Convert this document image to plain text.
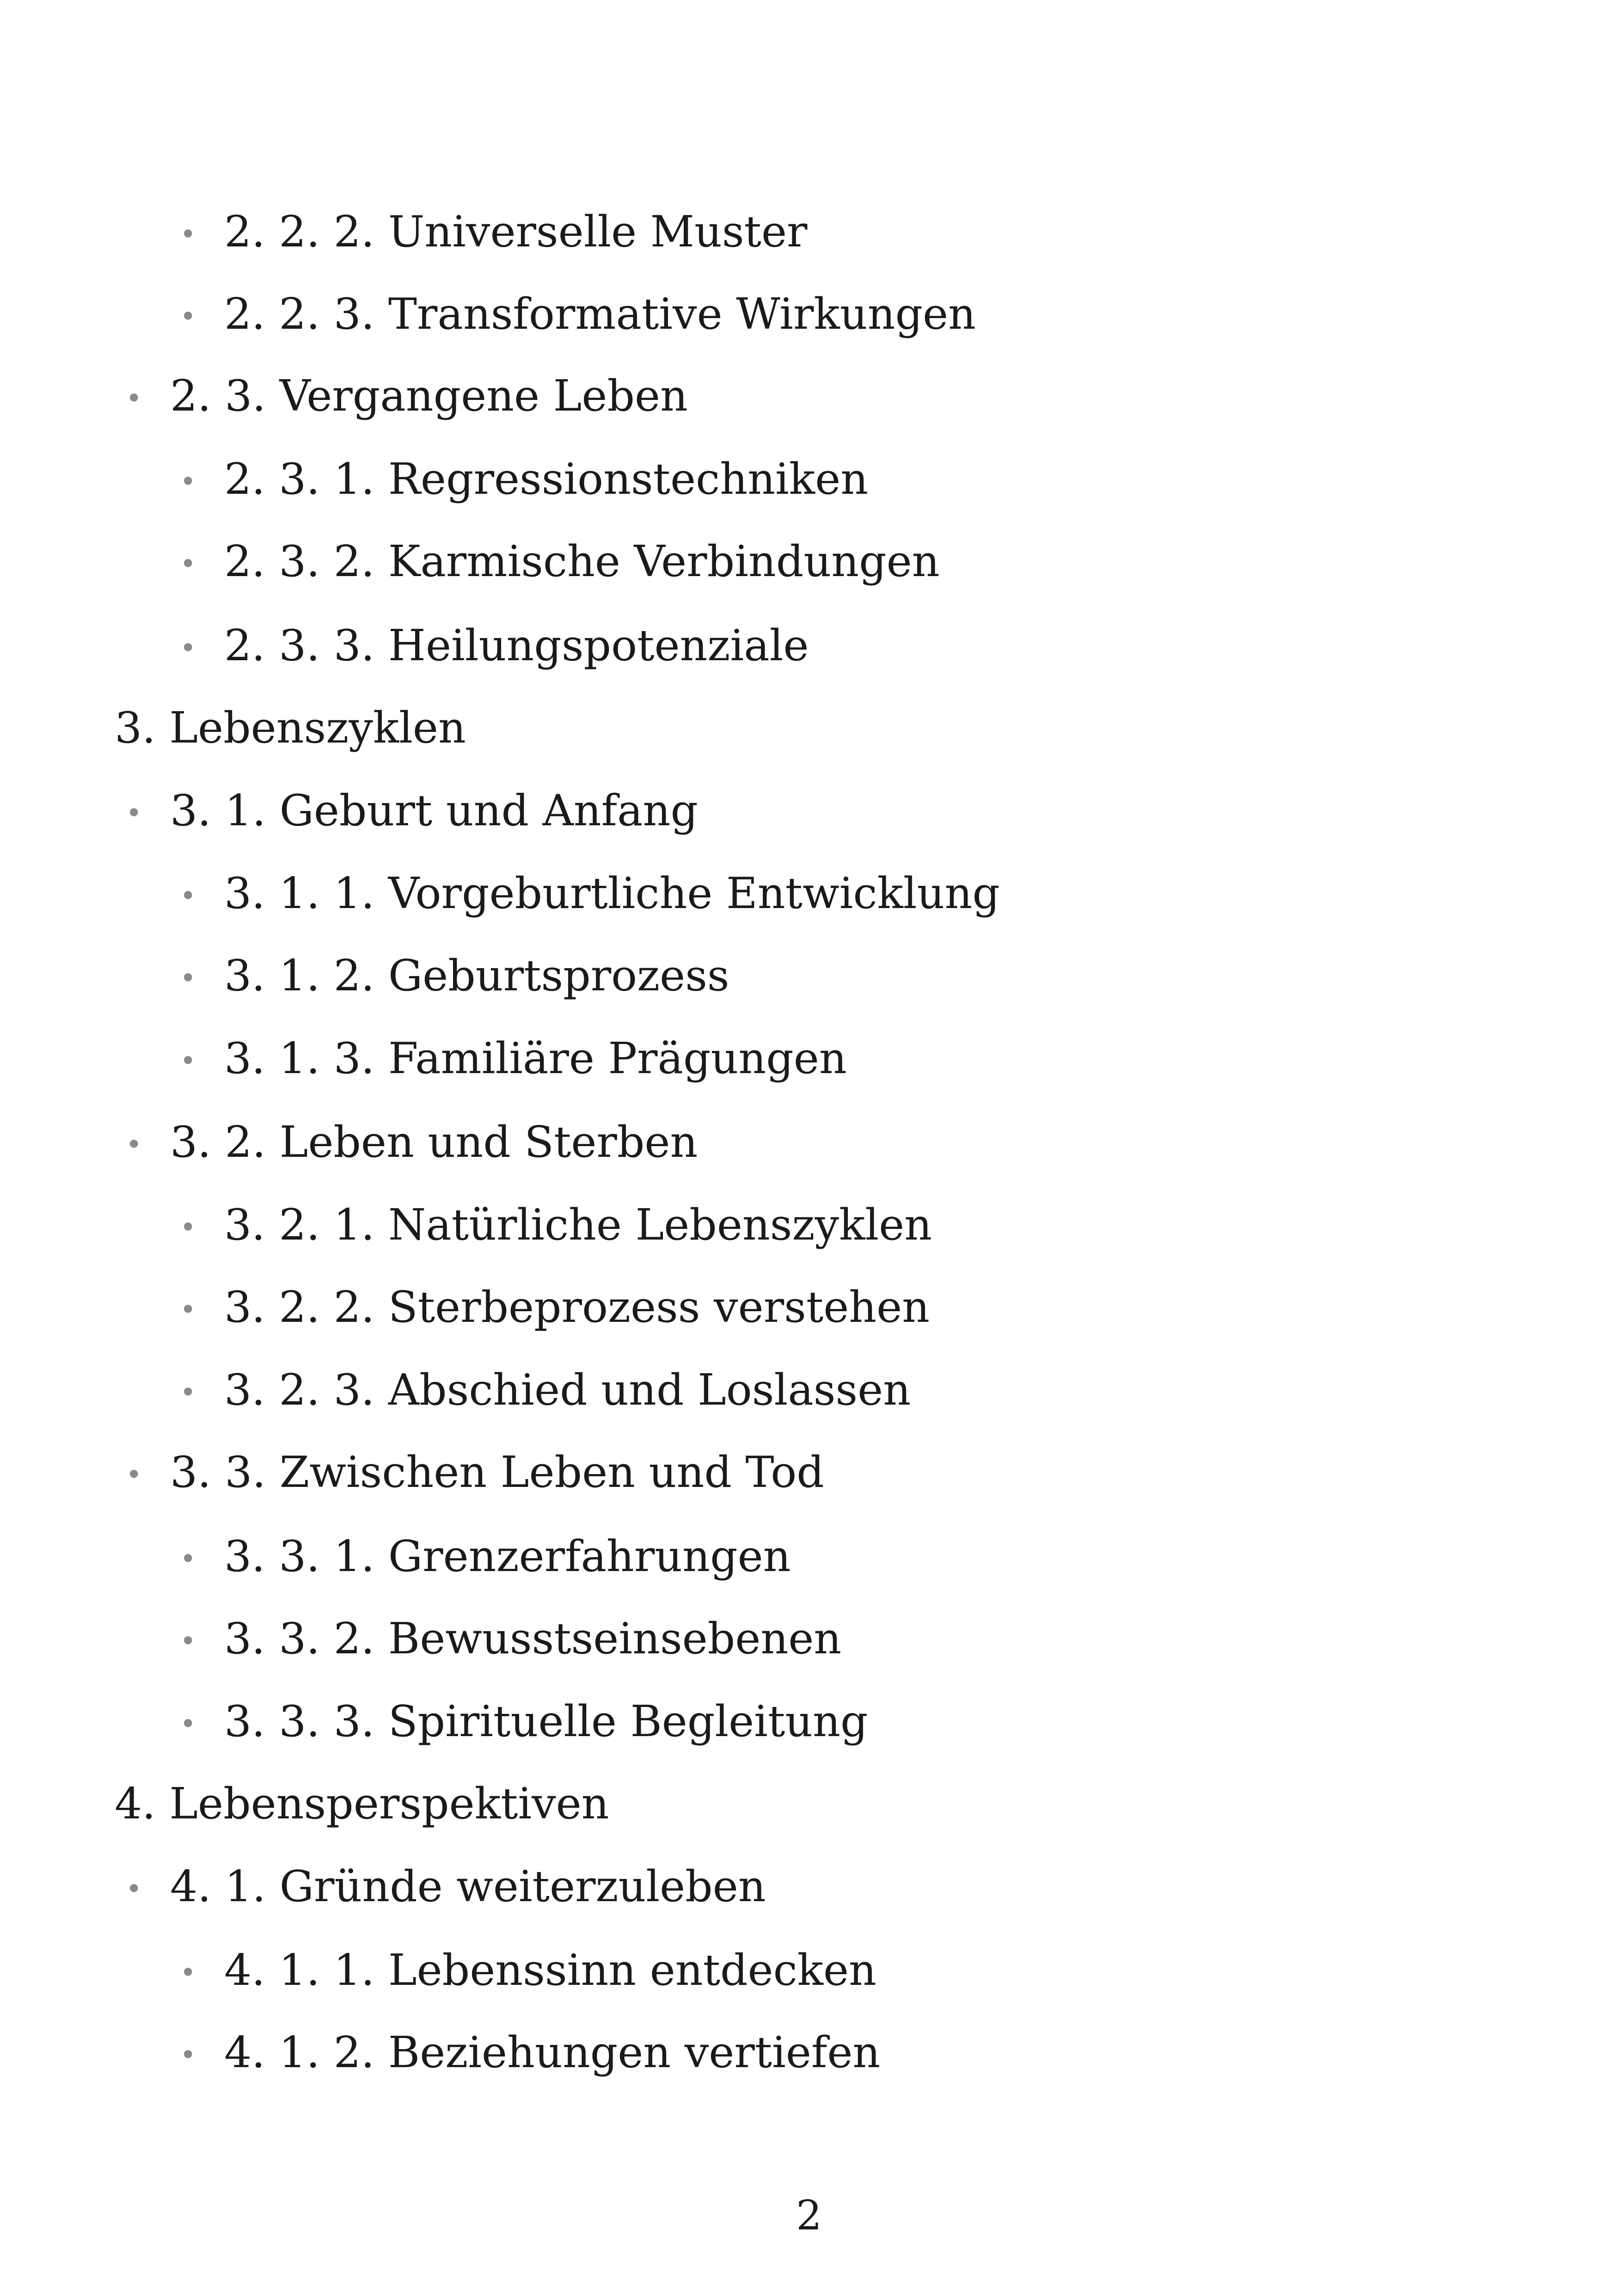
• 2. 2. 2. Universelle Muster
• 2. 2. 3. Transformative Wirkungen
• 2. 3. Vergangene Leben
• 2. 3. 1. Regressionstechniken
• 2. 3. 2. Karmische Verbindungen
• 2. 3. 3. Heilungspotenziale
3. Lebenszyklen
• 3. 1. Geburt und Anfang
• 3. 1. 1. Vorgeburtliche Entwicklung
• 3. 1. 2. Geburtsprozess
• 3. 1. 3. Familiäre Prägungen
• 3. 2. Leben und Sterben
• 3. 2. 1. Natürliche Lebenszyklen
• 3. 2. 2. Sterbeprozess verstehen
• 3. 2. 3. Abschied und Loslassen
• 3. 3. Zwischen Leben und Tod
• 3. 3. 1. Grenzerfahrungen
• 3. 3. 2. Bewusstseinsebenen
• 3. 3. 3. Spirituelle Begleitung
4. Lebensperspektiven
• 4. 1. Gründe weiterzuleben
• 4. 1. 1. Lebenssinn entdecken
• 4. 1. 2. Beziehungen vertiefen
2
